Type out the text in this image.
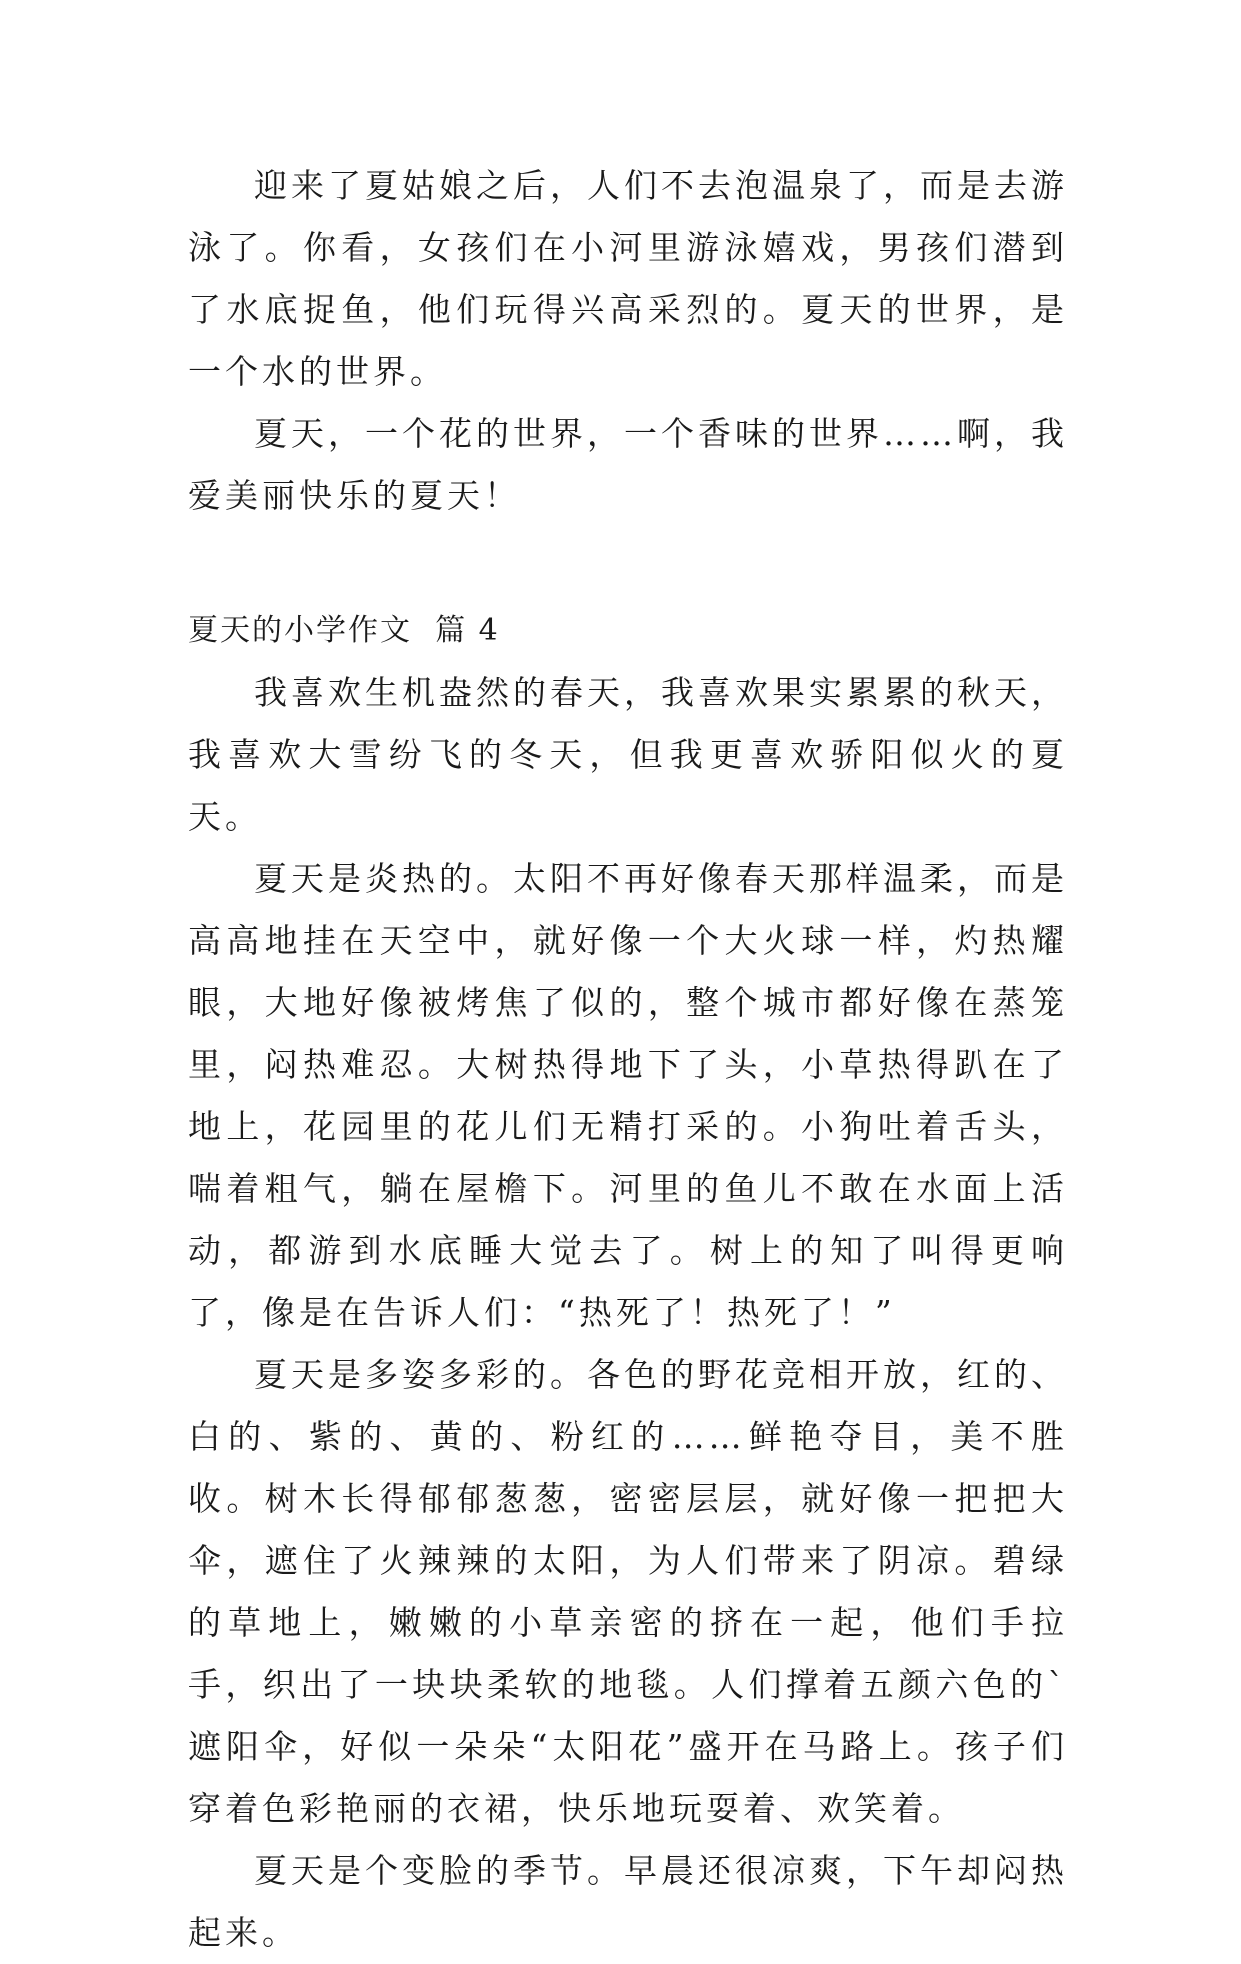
迎来了夏姑娘之后，人们不去泡温泉了，而是去游泳了。你看，女孩们在小河里游泳嬉戏，男孩们潜到了水底捉鱼，他们玩得兴高采烈的。夏天的世界，是一个水的世界。

夏天，一个花的世界，一个香味的世界……啊，我爱美丽快乐的夏天！

夏天的小学作文  篇 4

我喜欢生机盎然的春天，我喜欢果实累累的秋天，我喜欢大雪纷飞的冬天，但我更喜欢骄阳似火的夏天。

夏天是炎热的。太阳不再好像春天那样温柔，而是高高地挂在天空中，就好像一个大火球一样，灼热耀眼，大地好像被烤焦了似的，整个城市都好像在蒸笼里，闷热难忍。大树热得地下了头，小草热得趴在了地上，花园里的花儿们无精打采的。小狗吐着舌头，喘着粗气，躺在屋檐下。河里的鱼儿不敢在水面上活动，都游到水底睡大觉去了。树上的知了叫得更响了，像是在告诉人们：“热死了！热死了！”

夏天是多姿多彩的。各色的野花竞相开放，红的、白的、紫的、黄的、粉红的……鲜艳夺目，美不胜收。树木长得郁郁葱葱，密密层层，就好像一把把大伞，遮住了火辣辣的太阳，为人们带来了阴凉。碧绿的草地上，嫩嫩的小草亲密的挤在一起，他们手拉手，织出了一块块柔软的地毯。人们撑着五颜六色的`遮阳伞，好似一朵朵“太阳花”盛开在马路上。孩子们穿着色彩艳丽的衣裙，快乐地玩耍着、欢笑着。

夏天是个变脸的季节。早晨还很凉爽，下午却闷热起来。
